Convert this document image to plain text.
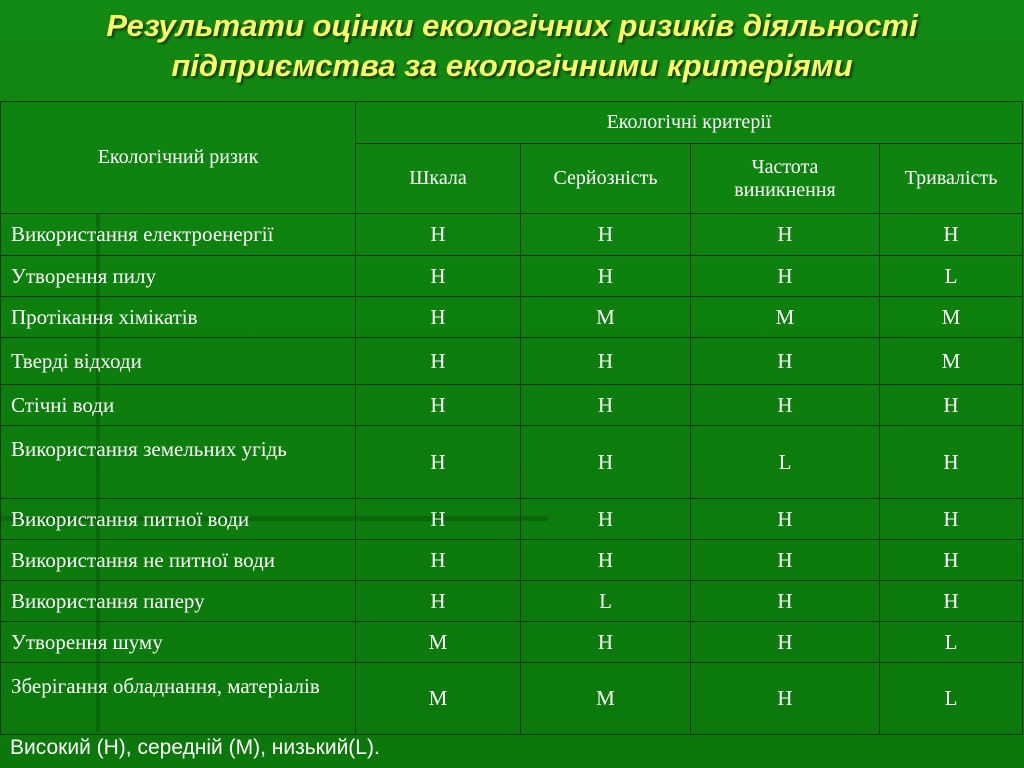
Результати оцінки екологічних ризиків діяльності
підприємства за екологічними критеріями
Екологічний ризик	Екологічні критерії			
	Шкала	Серйозність	Частота виникнення	Тривалість
Використання електроенергії	H	H	H	H
Утворення пилу	H	H	H	L
Протікання хімікатів	H	M	M	M
Тверді відходи	H	H	H	M
Стічні води	H	H	H	H
Використання земельних угідь	H	H	L	H
Використання питної води	H	H	H	H
Використання не питної води	H	H	H	H
Використання паперу	H	L	H	H
Утворення шуму	M	H	H	L
Зберігання обладнання, матеріалів	M	M	H	L
Високий (H), середній (M), низький(L).
